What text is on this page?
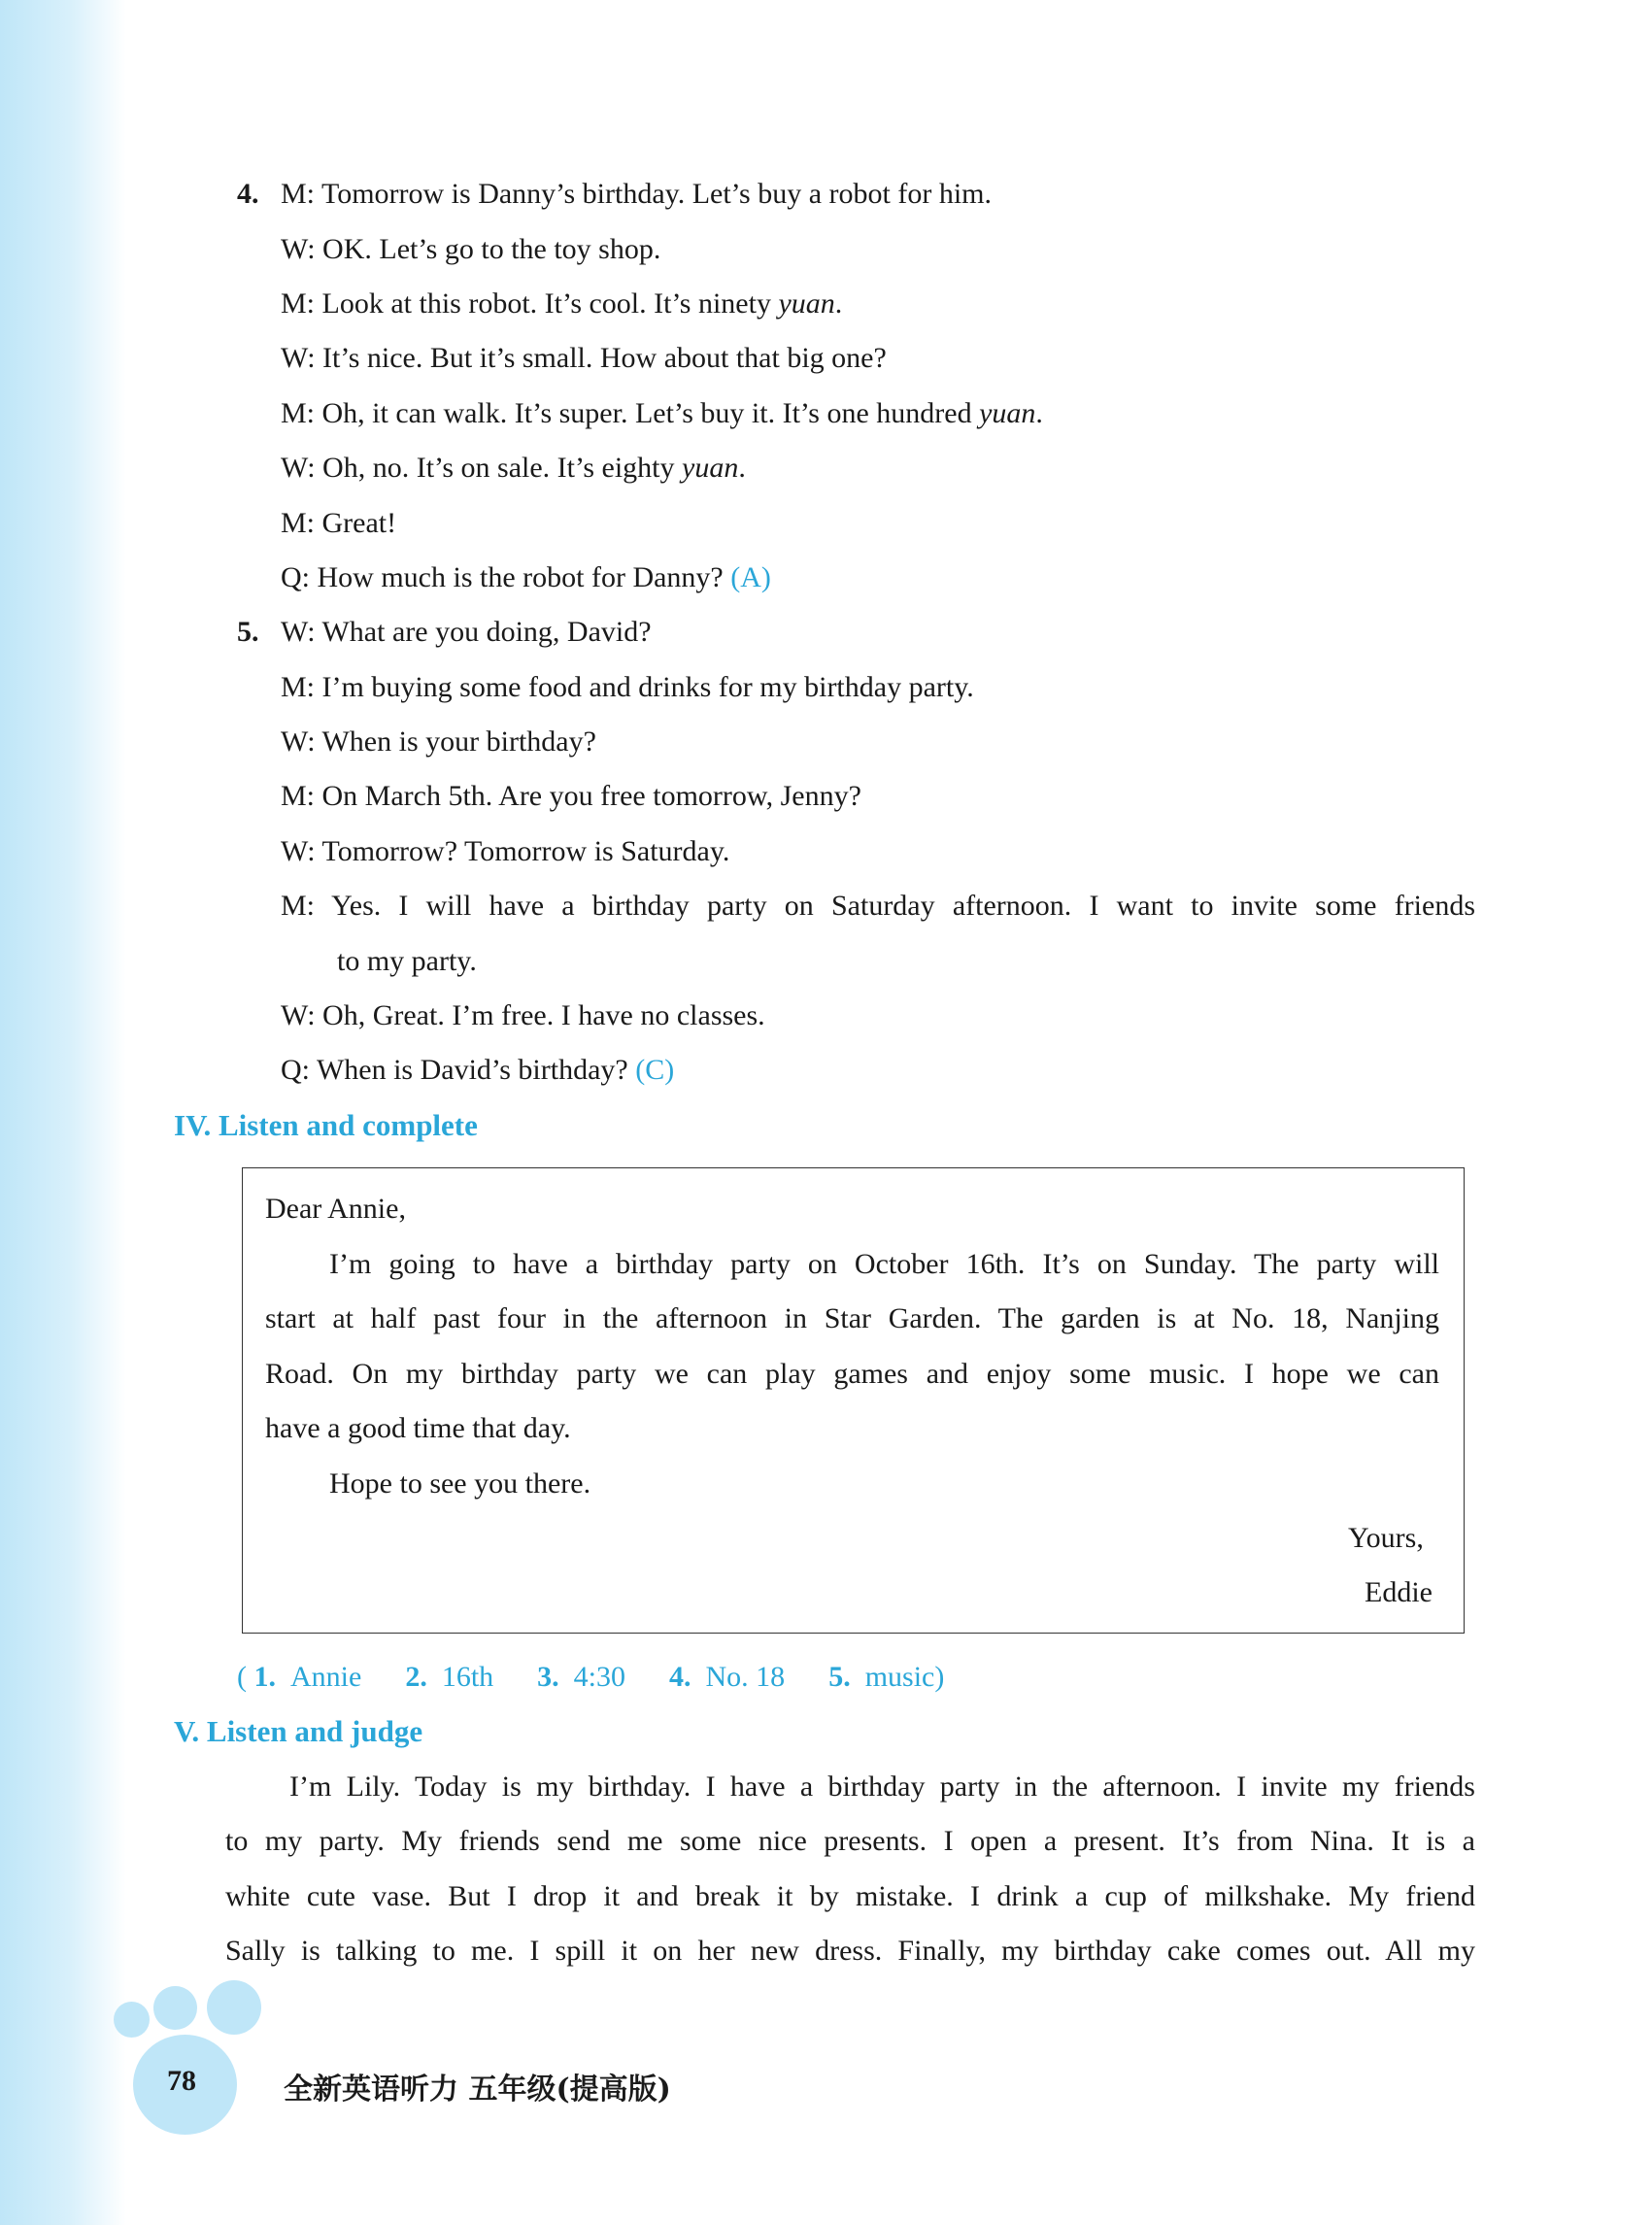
4. M: Tomorrow is Danny’s birthday. Let’s buy a robot for him.
W: OK. Let’s go to the toy shop.
M: Look at this robot. It’s cool. It’s ninety yuan.
W: It’s nice. But it’s small. How about that big one?
M: Oh, it can walk. It’s super. Let’s buy it. It’s one hundred yuan.
W: Oh, no. It’s on sale. It’s eighty yuan.
M: Great!
Q: How much is the robot for Danny? (A)
5. W: What are you doing, David?
M: I’m buying some food and drinks for my birthday party.
W: When is your birthday?
M: On March 5th. Are you free tomorrow, Jenny?
W: Tomorrow? Tomorrow is Saturday.
M: Yes. I will have a birthday party on Saturday afternoon. I want to invite some friends
to my party.
W: Oh, Great. I’m free. I have no classes.
Q: When is David’s birthday? (C)
IV. Listen and complete
Dear Annie,
I’m going to have a birthday party on October 16th. It’s on Sunday. The party will
start at half past four in the afternoon in Star Garden. The garden is at No. 18, Nanjing
Road. On my birthday party we can play games and enjoy some music. I hope we can
have a good time that day.
Hope to see you there.
Yours,
Eddie
( 1. Annie 2. 16th 3. 4:30 4. No. 18 5. music)
V. Listen and judge
I’m Lily. Today is my birthday. I have a birthday party in the afternoon. I invite my friends
to my party. My friends send me some nice presents. I open a present. It’s from Nina. It is a
white cute vase. But I drop it and break it by mistake. I drink a cup of milkshake. My friend
Sally is talking to me. I spill it on her new dress. Finally, my birthday cake comes out. All my
78	全新英语听力 五年级(提高版)
